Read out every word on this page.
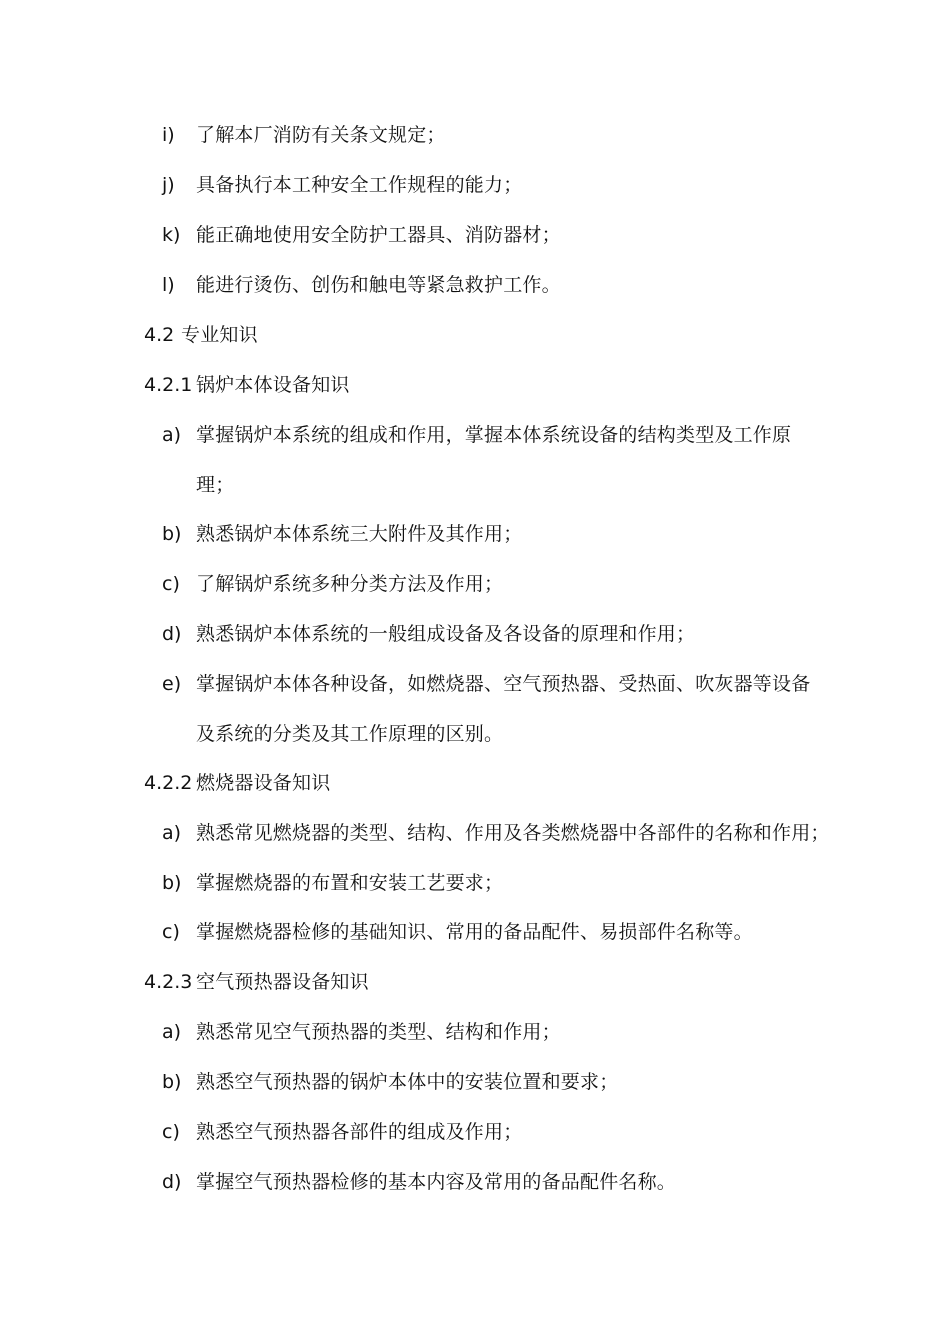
i) 了解本厂消防有关条文规定；
j) 具备执行本工种安全工作规程的能力；
k) 能正确地使用安全防护工器具、消防器材；
l) 能进行烫伤、创伤和触电等紧急救护工作。
4.2 专业知识
4.2.1 锅炉本体设备知识
a) 掌握锅炉本系统的组成和作用，掌握本体系统设备的结构类型及工作原
理；
b) 熟悉锅炉本体系统三大附件及其作用；
c) 了解锅炉系统多种分类方法及作用；
d) 熟悉锅炉本体系统的一般组成设备及各设备的原理和作用；
e) 掌握锅炉本体各种设备，如燃烧器、空气预热器、受热面、吹灰器等设备
及系统的分类及其工作原理的区别。
4.2.2 燃烧器设备知识
a) 熟悉常见燃烧器的类型、结构、作用及各类燃烧器中各部件的名称和作用；
b) 掌握燃烧器的布置和安装工艺要求；
c) 掌握燃烧器检修的基础知识、常用的备品配件、易损部件名称等。
4.2.3 空气预热器设备知识
a) 熟悉常见空气预热器的类型、结构和作用；
b) 熟悉空气预热器的锅炉本体中的安装位置和要求；
c) 熟悉空气预热器各部件的组成及作用；
d) 掌握空气预热器检修的基本内容及常用的备品配件名称。
